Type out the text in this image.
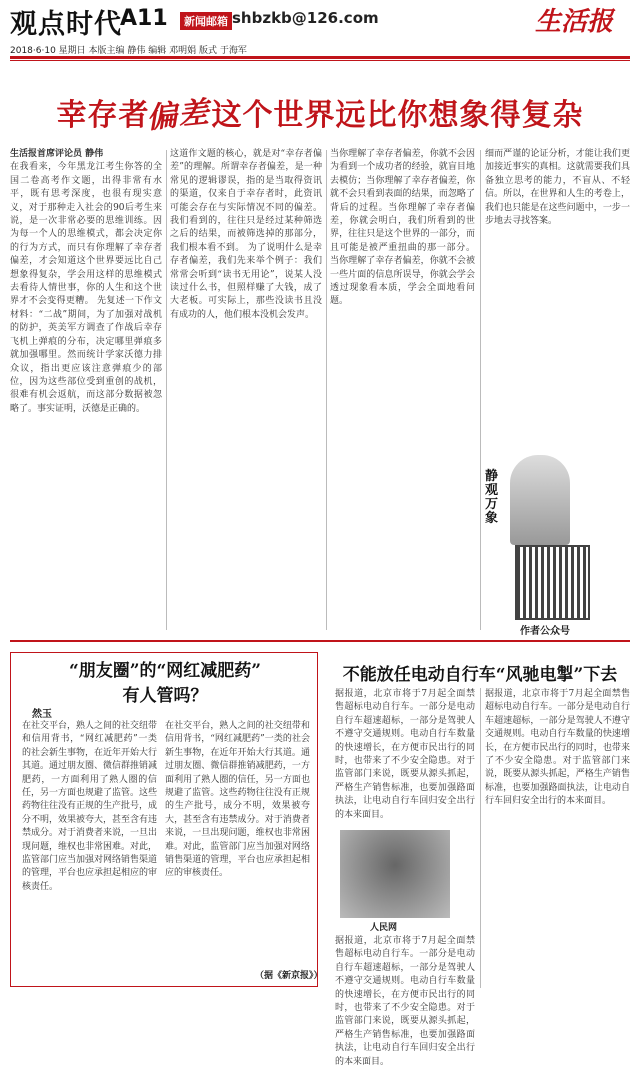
观点时代
A11	新闻邮箱 shbzkb@126.com	生活报
2018·6·10 星期日 本版主编 静伟 编辑 邓明娟 版式 于海军
幸存者偏差这个世界远比你想象得复杂
生活报首席评论员 静伟
在我看来，今年黑龙江考生你答的全国二卷高考作文题，出得非常有水平，既有思考深度，也很有现实意义，对于那种走入社会的90后考生来说，是一次非常必要的思维训练。因为每一个人的思维模式，都会决定你的行为方式，而只有你理解了幸存者偏差，才会知道这个世界要远比自己想象得复杂，学会用这样的思维模式去看待人情世事，你的人生和这个世界才不会变得更糟。 先复述一下作文材料：“二战”期间，为了加强对战机的防护，英美军方调查了作战后幸存飞机上弹痕的分布，决定哪里弹痕多就加强哪里。然而统计学家沃德力排众议，指出更应该注意弹痕少的部位，因为这些部位受到重创的战机，很难有机会返航，而这部分数据被忽略了。事实证明，沃德是正确的。
这道作文题的核心，就是对“幸存者偏差”的理解。所谓幸存者偏差，是一种常见的逻辑谬误，指的是当取得资讯的渠道，仅来自于幸存者时，此资讯可能会存在与实际情况不同的偏差。我们看到的，往往只是经过某种筛选之后的结果，而被筛选掉的那部分，我们根本看不到。 为了说明什么是幸存者偏差，我们先来举个例子：我们常常会听到“读书无用论”，说某人没读过什么书，但照样赚了大钱，成了大老板。可实际上，那些没读书且没有成功的人，他们根本没机会发声。
当你理解了幸存者偏差，你就不会因为看到一个成功者的经验，就盲目地去模仿；当你理解了幸存者偏差，你就不会只看到表面的结果，而忽略了背后的过程。当你理解了幸存者偏差，你就会明白，我们所看到的世界，往往只是这个世界的一部分，而且可能是被严重扭曲的那一部分。 当你理解了幸存者偏差，你就不会被一些片面的信息所误导，你就会学会透过现象看本质，学会全面地看问题。
细而严谨的论证分析，才能让我们更加接近事实的真相。这就需要我们具备独立思考的能力，不盲从、不轻信。所以，在世界和人生的考卷上，我们也只能是在这些问题中，一步一步地去寻找答案。
静
观
万
象
作者公众号
“朋友圈”的“网红减肥药”
有人管吗？
然玉
在社交平台，熟人之间的社交纽带和信用背书，“网红减肥药”一类的社会新生事物，在近年开始大行其道。通过朋友圈、微信群推销减肥药，一方面利用了熟人圈的信任，另一方面也规避了监管。这些药物往往没有正规的生产批号，成分不明，效果被夸大，甚至含有违禁成分。对于消费者来说，一旦出现问题，维权也非常困难。对此，监管部门应当加强对网络销售渠道的管理，平台也应承担起相应的审核责任。
在社交平台，熟人之间的社交纽带和信用背书，“网红减肥药”一类的社会新生事物，在近年开始大行其道。通过朋友圈、微信群推销减肥药，一方面利用了熟人圈的信任，另一方面也规避了监管。这些药物往往没有正规的生产批号，成分不明，效果被夸大，甚至含有违禁成分。对于消费者来说，一旦出现问题，维权也非常困难。对此，监管部门应当加强对网络销售渠道的管理，平台也应承担起相应的审核责任。
（据《新京报》）
不能放任电动自行车“风驰电掣”下去
据报道，北京市将于7月起全面禁售超标电动自行车。一部分是电动自行车超速超标，一部分是驾驶人不遵守交通规则。电动自行车数量的快速增长，在方便市民出行的同时，也带来了不少安全隐患。对于监管部门来说，既要从源头抓起，严格生产销售标准，也要加强路面执法，让电动自行车回归安全出行的本来面目。
据报道，北京市将于7月起全面禁售超标电动自行车。一部分是电动自行车超速超标，一部分是驾驶人不遵守交通规则。电动自行车数量的快速增长，在方便市民出行的同时，也带来了不少安全隐患。对于监管部门来说，既要从源头抓起，严格生产销售标准，也要加强路面执法，让电动自行车回归安全出行的本来面目。
人民网
据报道，北京市将于7月起全面禁售超标电动自行车。一部分是电动自行车超速超标，一部分是驾驶人不遵守交通规则。电动自行车数量的快速增长，在方便市民出行的同时，也带来了不少安全隐患。对于监管部门来说，既要从源头抓起，严格生产销售标准，也要加强路面执法，让电动自行车回归安全出行的本来面目。
